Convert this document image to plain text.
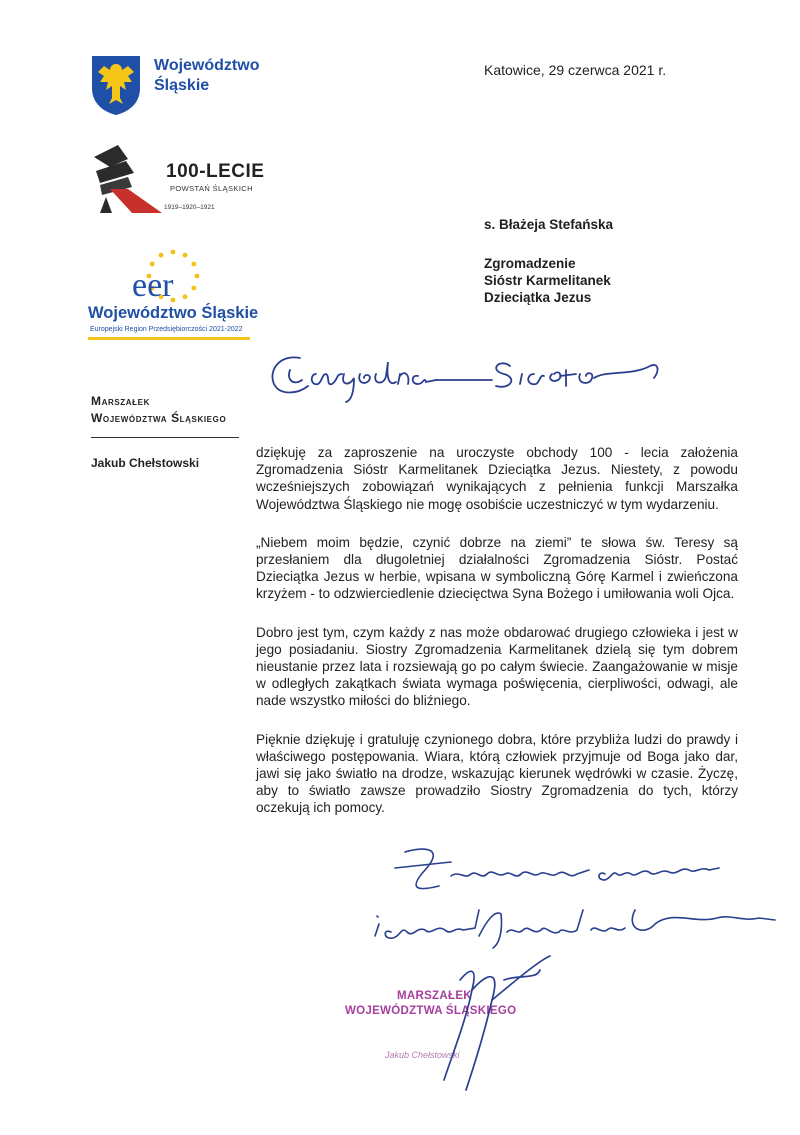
Województwo
Śląskie
100-LECIE
POWSTAŃ ŚLĄSKICH
1919–1920–1921
eer
Województwo Śląskie
Europejski Region Przedsiębiorczości 2021-2022
Marszałek
Województwa Śląskiego
Jakub Chełstowski
Katowice, 29 czerwca 2021 r.
s. Błażeja Stefańska
Zgromadzenie
Sióstr Karmelitanek
Dzieciątka Jezus

dziękuję za zaproszenie na uroczyste obchody 100 - lecia założenia Zgromadzenia Sióstr Karmelitanek Dzieciątka Jezus. Niestety, z powodu wcześniejszych zobowiązań wynikających z pełnienia funkcji Marszałka Województwa Śląskiego nie mogę osobiście uczestniczyć w tym wydarzeniu.

„Niebem moim będzie, czynić dobrze na ziemi” te słowa św. Teresy są przesłaniem dla długoletniej działalności Zgromadzenia Sióstr. Postać Dzieciątka Jezus w herbie, wpisana w symboliczną Górę Karmel i zwieńczona krzyżem - to odzwierciedlenie dziecięctwa Syna Bożego i umiłowania woli Ojca.

Dobro jest tym, czym każdy z nas może obdarować drugiego człowieka i jest w jego posiadaniu. Siostry Zgromadzenia Karmelitanek dzielą się tym dobrem nieustanie przez lata i rozsiewają go po całym świecie. Zaangażowanie w misje w odległych zakątkach świata wymaga poświęcenia, cierpliwości, odwagi, ale nade wszystko miłości do bliźniego.

Pięknie dziękuję i gratuluję czynionego dobra, które przybliża ludzi do prawdy i właściwego postępowania. Wiara, którą człowiek przyjmuje od Boga jako dar, jawi się jako światło na drodze, wskazując kierunek wędrówki w czasie. Życzę, aby to światło zawsze prowadziło Siostry Zgromadzenia do tych, którzy oczekują ich pomocy.

MARSZAŁEK
WOJEWÓDZTWA ŚLĄSKIEGO
Jakub Chełstowski
